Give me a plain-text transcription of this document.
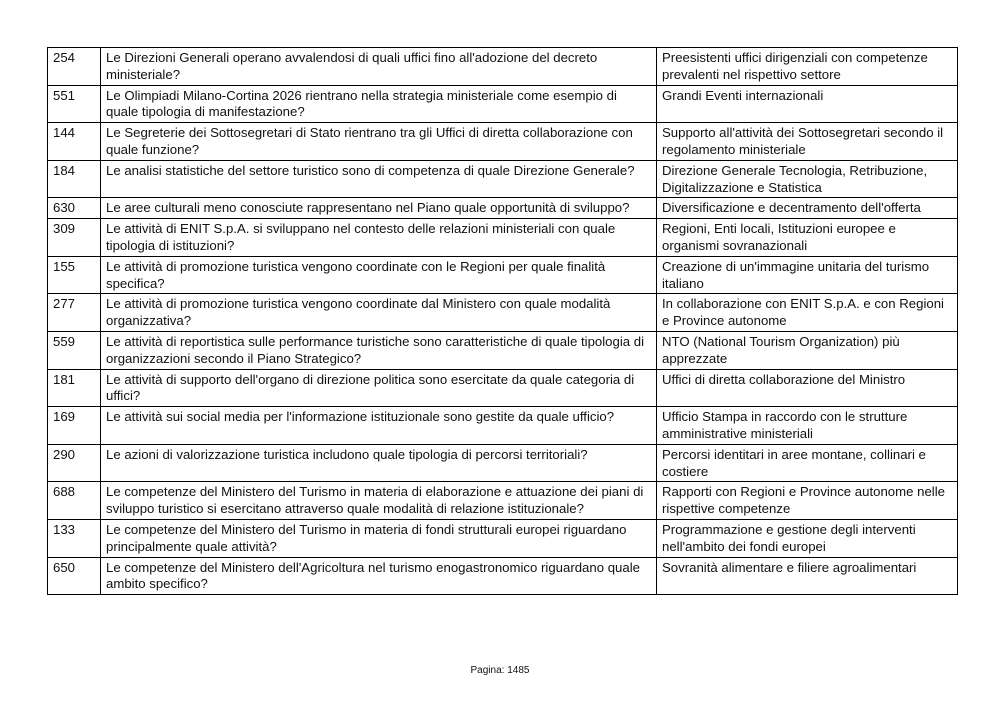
254	Le Direzioni Generali operano avvalendosi di quali uffici fino all'adozione del decreto ministeriale?	Preesistenti uffici dirigenziali con competenze prevalenti nel rispettivo settore
551	Le Olimpiadi Milano-Cortina 2026 rientrano nella strategia ministeriale come esempio di quale tipologia di manifestazione?	Grandi Eventi internazionali
144	Le Segreterie dei Sottosegretari di Stato rientrano tra gli Uffici di diretta collaborazione con quale funzione?	Supporto all'attività dei Sottosegretari secondo il regolamento ministeriale
184	Le analisi statistiche del settore turistico sono di competenza di quale Direzione Generale?	Direzione Generale Tecnologia, Retribuzione, Digitalizzazione e Statistica
630	Le aree culturali meno conosciute rappresentano nel Piano quale opportunità di sviluppo?	Diversificazione e decentramento dell'offerta
309	Le attività di ENIT S.p.A. si sviluppano nel contesto delle relazioni ministeriali con quale tipologia di istituzioni?	Regioni, Enti locali, Istituzioni europee e organismi sovranazionali
155	Le attività di promozione turistica vengono coordinate con le Regioni per quale finalità specifica?	Creazione di un'immagine unitaria del turismo italiano
277	Le attività di promozione turistica vengono coordinate dal Ministero con quale modalità organizzativa?	In collaborazione con ENIT S.p.A. e con Regioni e Province autonome
559	Le attività di reportistica sulle performance turistiche sono caratteristiche di quale tipologia di organizzazioni secondo il Piano Strategico?	NTO (National Tourism Organization) più apprezzate
181	Le attività di supporto dell'organo di direzione politica sono esercitate da quale categoria di uffici?	Uffici di diretta collaborazione del Ministro
169	Le attività sui social media per l'informazione istituzionale sono gestite da quale ufficio?	Ufficio Stampa in raccordo con le strutture amministrative ministeriali
290	Le azioni di valorizzazione turistica includono quale tipologia di percorsi territoriali?	Percorsi identitari in aree montane, collinari e costiere
688	Le competenze del Ministero del Turismo in materia di elaborazione e attuazione dei piani di sviluppo turistico si esercitano attraverso quale modalità di relazione istituzionale?	Rapporti con Regioni e Province autonome nelle rispettive competenze
133	Le competenze del Ministero del Turismo in materia di fondi strutturali europei riguardano principalmente quale attività?	Programmazione e gestione degli interventi nell'ambito dei fondi europei
650	Le competenze del Ministero dell'Agricoltura nel turismo enogastronomico riguardano quale ambito specifico?	Sovranità alimentare e filiere agroalimentari
Pagina: 1485
